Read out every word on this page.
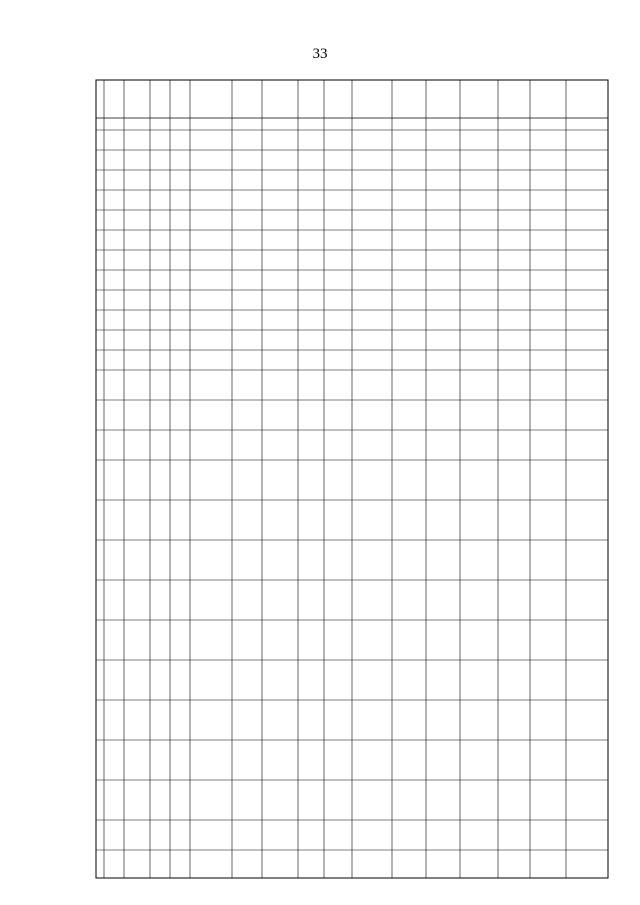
33
